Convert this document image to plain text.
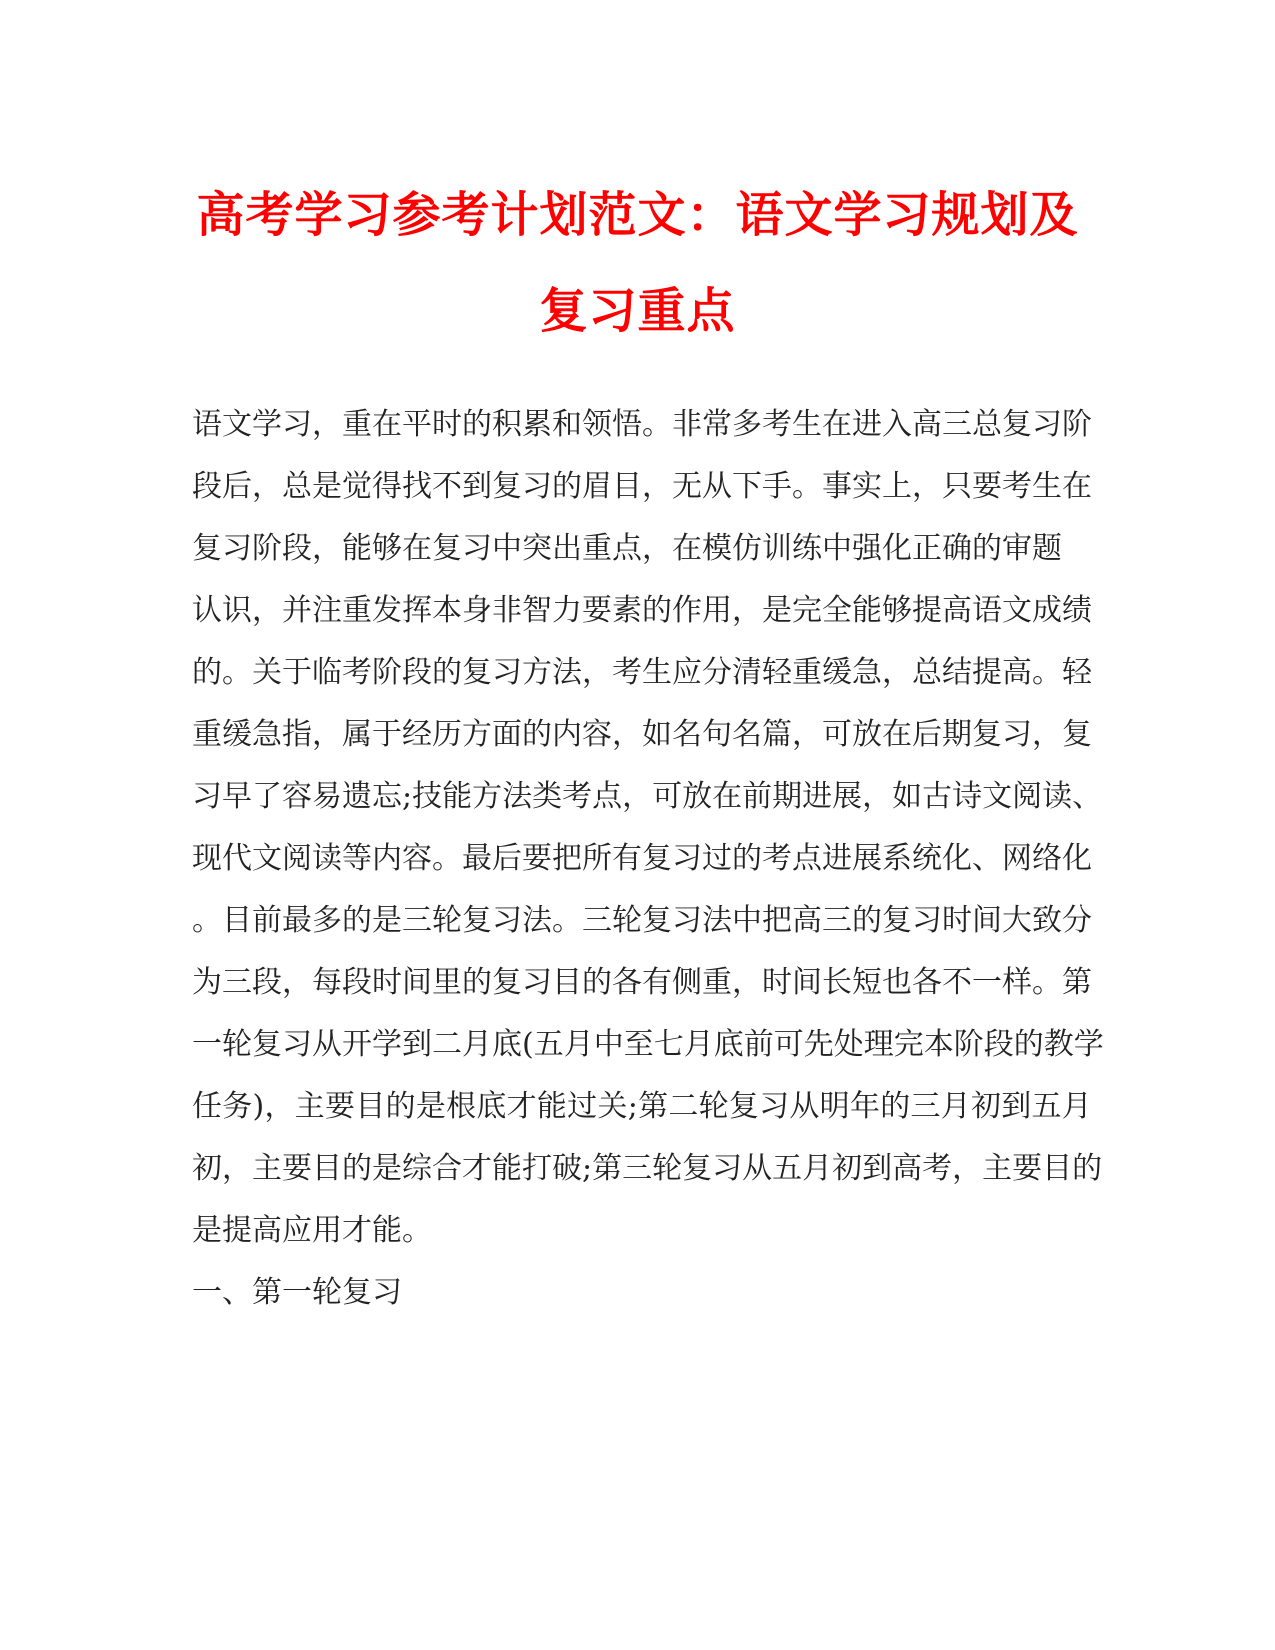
高考学习参考计划范文：语文学习规划及
复习重点
语 文 学 习 ， 重 在 平 时 的 积 累 和 领 悟 。 非 常 多 考 生 在 进 入 高 三 总 复 习 阶
段 后 ， 总 是 觉 得 找 不 到 复 习 的 眉 目 ， 无 从 下 手 。 事 实 上 ， 只 要 考 生 在
复习阶段，能够在复习中突出重点，在模仿训练中强化正确的审题
认 识 ， 并 注 重 发 挥 本 身 非 智 力 要 素 的 作 用 ， 是 完 全 能 够 提 高 语 文 成 绩
的 。 关 于 临 考 阶 段 的 复 习 方 法 ， 考 生 应 分 清 轻 重 缓 急 ， 总 结 提 高 。 轻
重 缓 急 指 ， 属 于 经 历 方 面 的 内 容 ， 如 名 句 名 篇 ， 可 放 在 后 期 复 习 ， 复
习 早 了 容 易 遗 忘 ; 技 能 方 法 类 考 点 ， 可 放 在 前 期 进 展 ， 如 古 诗 文 阅 读 、
现 代 文 阅 读 等 内 容 。 最 后 要 把 所 有 复 习 过 的 考 点 进 展 系 统 化 、 网 络 化
。 目 前 最 多 的 是 三 轮 复 习 法 。 三 轮 复 习 法 中 把 高 三 的 复 习 时 间 大 致 分
为 三 段 ， 每 段 时 间 里 的 复 习 目 的 各 有 侧 重 ， 时 间 长 短 也 各 不 一 样 。 第
一 轮 复 习 从 开 学 到 二 月 底 ( 五 月 中 至 七 月 底 前 可 先 处 理 完 本 阶 段 的 教 学
任 务 ) ， 主 要 目 的 是 根 底 才 能 过 关 ; 第 二 轮 复 习 从 明 年 的 三 月 初 到 五 月
初 ， 主 要 目 的 是 综 合 才 能 打 破 ; 第 三 轮 复 习 从 五 月 初 到 高 考 ， 主 要 目 的
是提高应用才能。
一、第一轮复习
